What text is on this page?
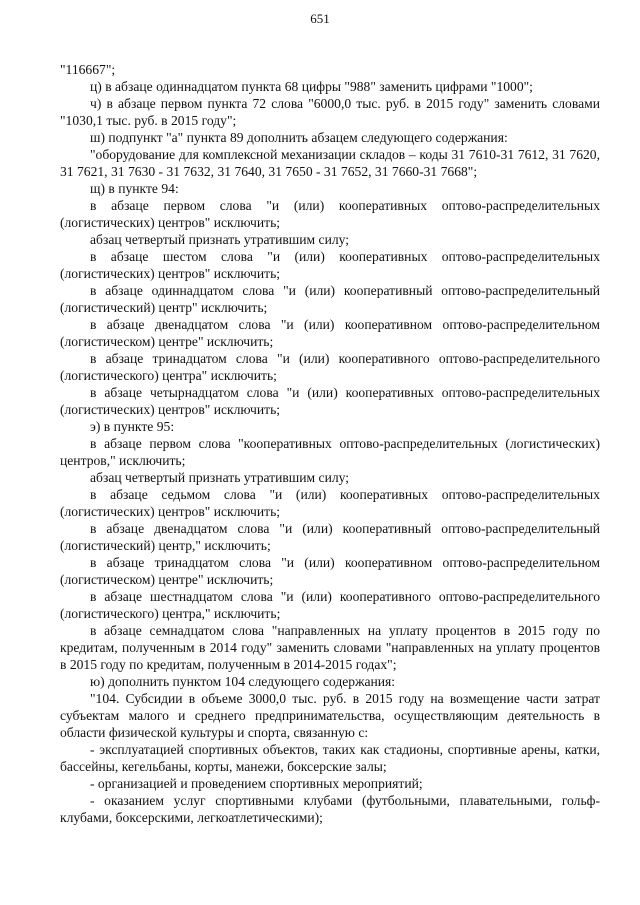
651

"116667";

ц) в абзаце одиннадцатом пункта 68 цифры "988" заменить цифрами "1000";

ч) в абзаце первом пункта 72 слова "6000,0 тыс. руб. в 2015 году" заменить словами "1030,1 тыс. руб. в 2015 году";

ш) подпункт "а" пункта 89 дополнить абзацем следующего содержания:

"оборудование для комплексной механизации складов – коды 31 7610-31 7612, 31 7620, 31 7621, 31 7630 - 31 7632, 31 7640, 31 7650 - 31 7652, 31 7660-31 7668";

щ) в пункте 94:

в абзаце первом слова "и (или) кооперативных оптово-распределительных (логистических) центров" исключить;

абзац четвертый признать утратившим силу;

в абзаце шестом слова "и (или) кооперативных оптово-распределительных (логистических) центров" исключить;

в абзаце одиннадцатом слова "и (или) кооперативный оптово-распределительный (логистический) центр" исключить;

в абзаце двенадцатом слова "и (или) кооперативном оптово-распределительном (логистическом) центре" исключить;

в абзаце тринадцатом слова "и (или) кооперативного оптово-распределительного (логистического) центра" исключить;

в абзаце четырнадцатом слова "и (или) кооперативных оптово-распределительных (логистических) центров" исключить;

э) в пункте 95:

в абзаце первом слова "кооперативных оптово-распределительных (логистических) центров," исключить;

абзац четвертый признать утратившим силу;

в абзаце седьмом слова "и (или) кооперативных оптово-распределительных (логистических) центров" исключить;

в абзаце двенадцатом слова "и (или) кооперативный оптово-распределительный (логистический) центр," исключить;

в абзаце тринадцатом слова "и (или) кооперативном оптово-распределительном (логистическом) центре" исключить;

в абзаце шестнадцатом слова "и (или) кооперативного оптово-распределительного (логистического) центра," исключить;

в абзаце семнадцатом слова "направленных на уплату процентов в 2015 году по кредитам, полученным в 2014 году" заменить словами "направленных на уплату процентов в 2015 году по кредитам, полученным в 2014-2015 годах";

ю) дополнить пунктом 104 следующего содержания:

"104. Субсидии в объеме 3000,0 тыс. руб. в 2015 году на возмещение части затрат субъектам малого и среднего предпринимательства, осуществляющим деятельность в области физической культуры и спорта, связанную с:

- эксплуатацией спортивных объектов, таких как стадионы, спортивные арены, катки, бассейны, кегельбаны, корты, манежи, боксерские залы;

- организацией и проведением спортивных мероприятий;

- оказанием услуг спортивными клубами (футбольными, плавательными, гольф-клубами, боксерскими, легкоатлетическими);
